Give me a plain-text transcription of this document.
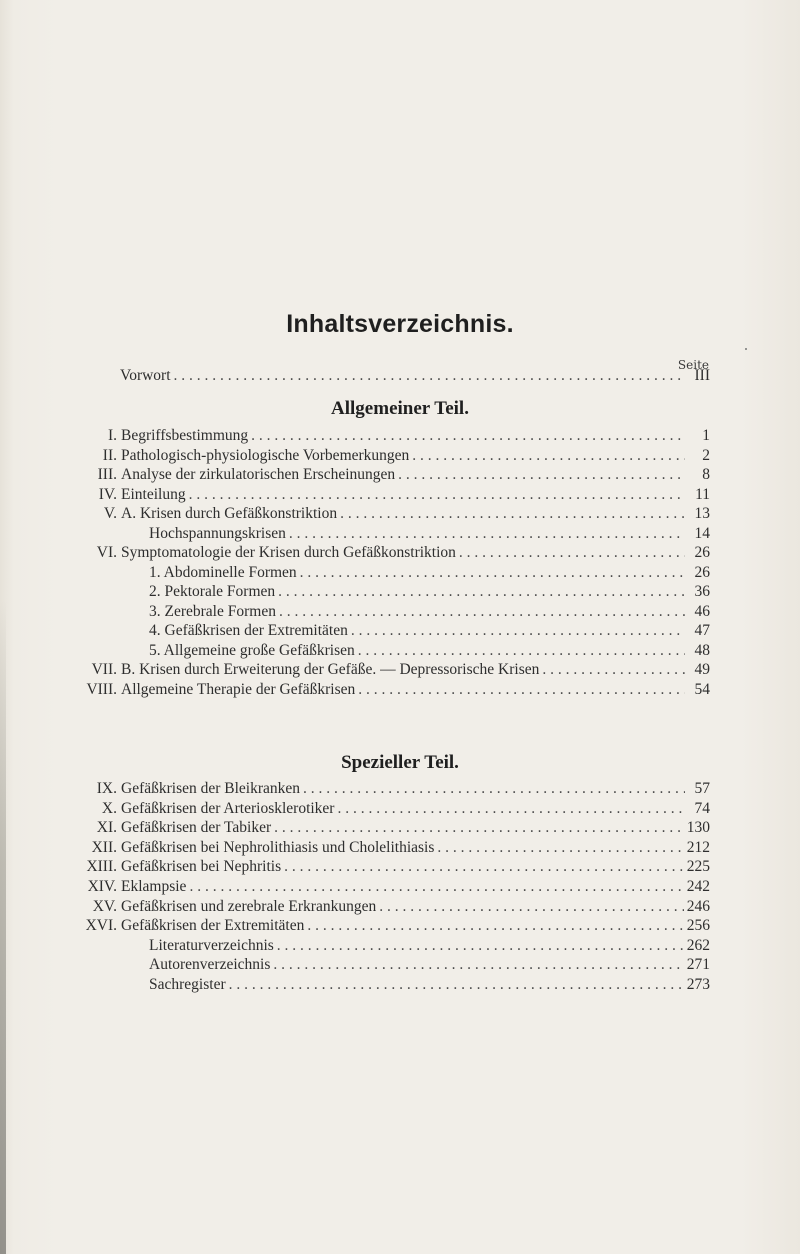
Inhaltsverzeichnis.
Seite
Vorwort . . .	III
Allgemeiner Teil.
I. Begriffsbestimmung . . .	1
II. Pathologisch-physiologische Vorbemerkungen . . .	2
III. Analyse der zirkulatorischen Erscheinungen . . .	8
IV. Einteilung . . .	11
V. A. Krisen durch Gefäßkonstriktion . . .	13
Hochspannungskrisen . . .	14
VI. Symptomatologie der Krisen durch Gefäßkonstriktion . . .	26
1. Abdominelle Formen . . .	26
2. Pektorale Formen . . .	36
3. Zerebrale Formen . . .	46
4. Gefäßkrisen der Extremitäten . . .	47
5. Allgemeine große Gefäßkrisen . . .	48
VII. B. Krisen durch Erweiterung der Gefäße. — Depressorische Krisen . . .	49
VIII. Allgemeine Therapie der Gefäßkrisen . . .	54
Spezieller Teil.
IX. Gefäßkrisen der Bleikranken . . .	57
X. Gefäßkrisen der Arteriosklerotiker . . .	74
XI. Gefäßkrisen der Tabiker . . .	130
XII. Gefäßkrisen bei Nephrolithiasis und Cholelithiasis . . .	212
XIII. Gefäßkrisen bei Nephritis . . .	225
XIV. Eklampsie . . .	242
XV. Gefäßkrisen und zerebrale Erkrankungen . . .	246
XVI. Gefäßkrisen der Extremitäten . . .	256
Literaturverzeichnis . . .	262
Autorenverzeichnis . . .	271
Sachregister . . .	273
